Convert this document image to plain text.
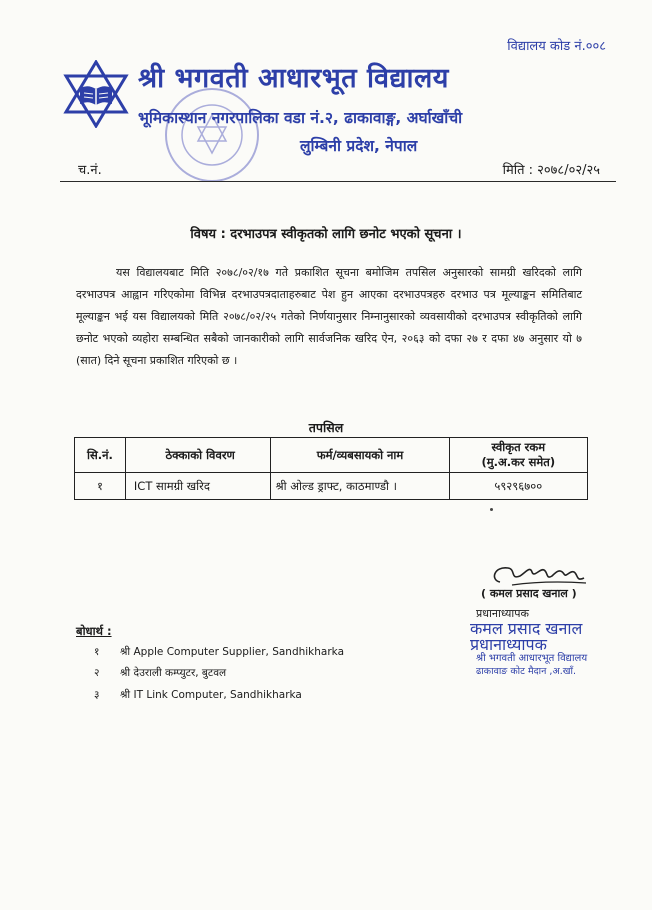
विद्यालय कोड नं.००८
श्री भगवती आधारभूत विद्यालय
भूमिकास्थान नगरपालिका वडा नं.२, ढाकावाङ्ग, अर्घाखाँची
लुम्बिनी प्रदेश, नेपाल
च.नं.	मिति : २०७८/०२/२५
विषय : दरभाउपत्र स्वीकृतको लागि छनोट भएको सूचना ।
यस विद्यालयबाट मिति २०७८/०२/१७ गते प्रकाशित सूचना बमोजिम तपसिल अनुसारको सामग्री खरिदको लागि दरभाउपत्र आह्वान गरिएकोमा विभिन्न दरभाउपत्रदाताहरुबाट पेश हुन आएका दरभाउपत्रहरु दरभाउ पत्र मूल्याङ्कन समितिबाट मूल्याङ्कन भई यस विद्यालयको मिति २०७८/०२/२५ गतेको निर्णयानुसार निम्नानुसारको व्यवसायीको दरभाउपत्र स्वीकृतिको लागि छनोट भएको व्यहोरा सम्बन्धित सबैको जानकारीको लागि सार्वजनिक खरिद ऐन, २०६३ को दफा २७ र दफा ४७ अनुसार यो ७ (सात) दिने सूचना प्रकाशित गरिएको छ ।
तपसिल
सि.नं.	ठेक्काको विवरण	फर्म/व्यबसायको नाम	स्वीकृत रकम
(मु.अ.कर समेत)

१	ICT सामग्री खरिद	श्री ओल्ड ड्राफ्ट, काठमाण्डौ ।	५९२९६७००
( कमल प्रसाद खनाल )
प्रधानाध्यापक
कमल प्रसाद खनाल
प्रधानाध्यापक
श्री भगवती आधारभूत विद्यालय
ढाकावाङ कोट मैदान ,अ.खाँ.
बोधार्थ :
१ श्री Apple Computer Supplier, Sandhikharka
२ श्री देउराली कम्प्युटर, बुटवल
३ श्री IT Link Computer, Sandhikharka
